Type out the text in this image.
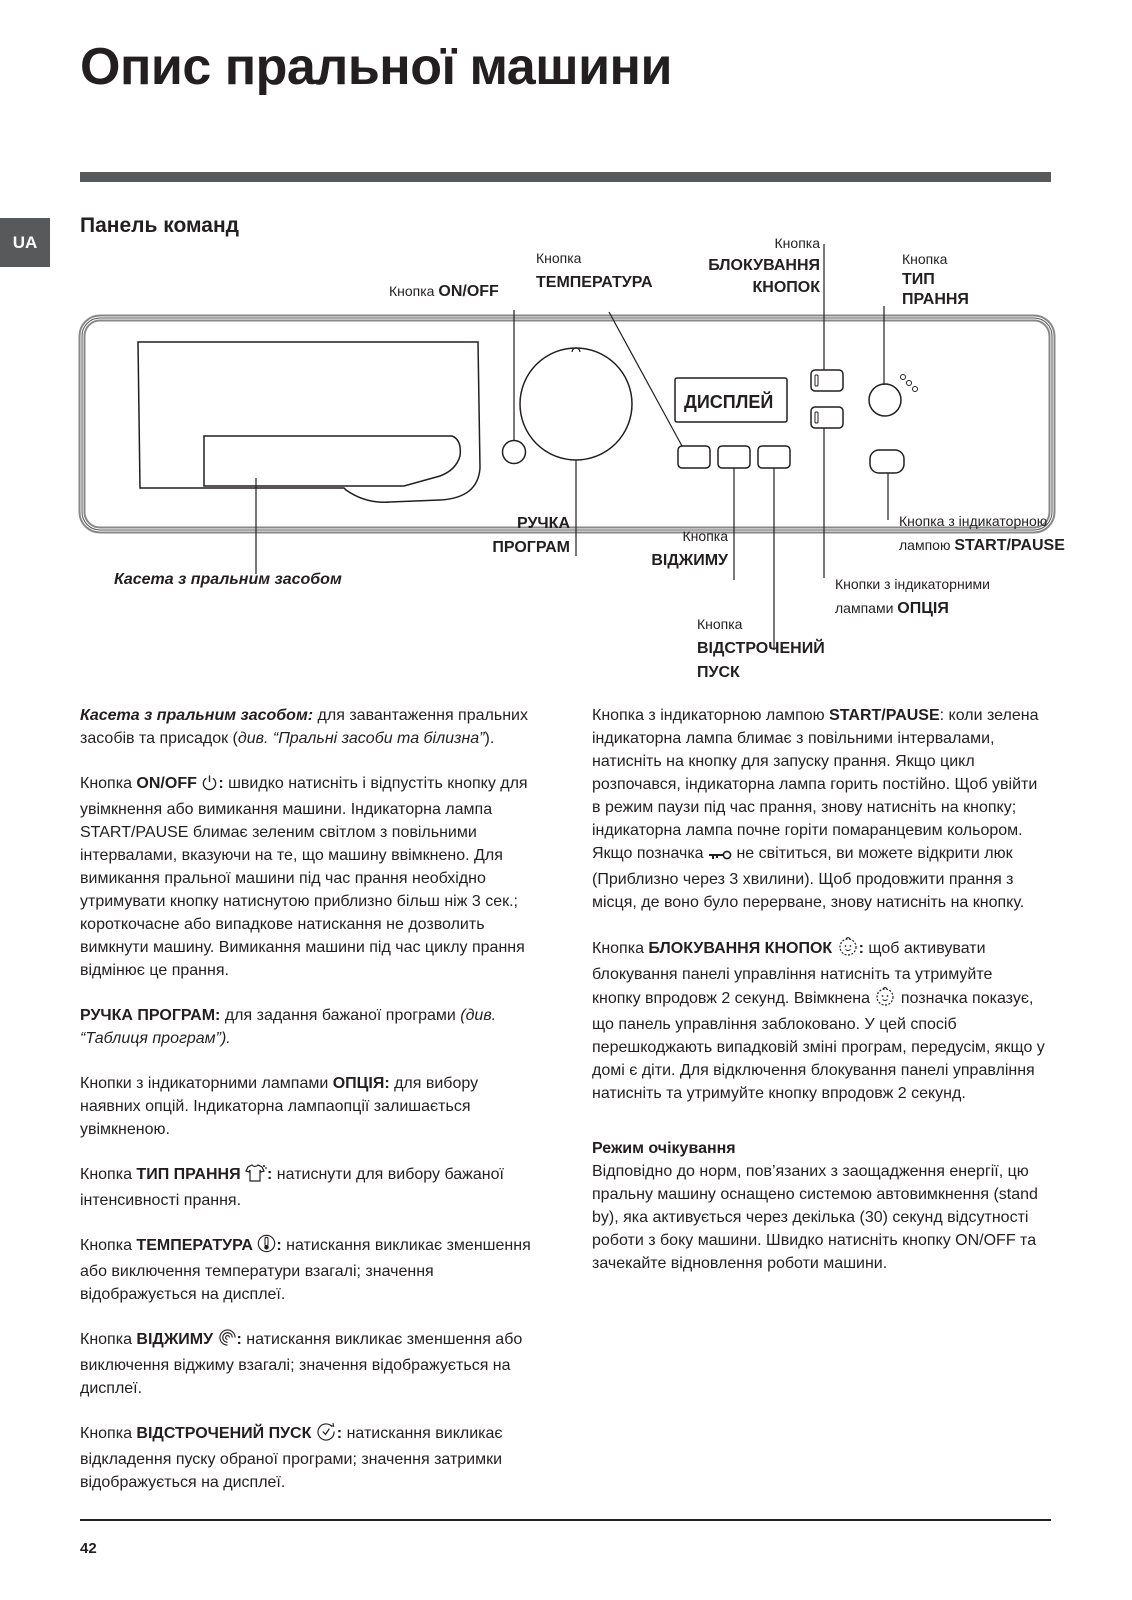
Опис пральної машини
UA
Панель команд
ДИСПЛЕЙ
Кнопка ON/OFF
Кнопка
ТЕМПЕРАТУРА
Кнопка
БЛОКУВАННЯ
КНОПОК
Кнопка
ТИП
ПРАННЯ
РУЧКА
ПРОГРАМ
Кнопка
ВІДЖИМУ
Кнопка з індикаторною
лампою START/PAUSE
Кнопки з індикаторними
лампами ОПЦІЯ
Кнопка
ВІДСТРОЧЕНИЙ
ПУСК
Касета з пральним засобом

Касета з пральним засобом: для завантаження пральних засобів та присадок (див. “Пральні засоби та білизна”).

Кнопка ON/OFF : швидко натисніть і відпустіть кнопку для увімкнення або вимикання машини. Індикаторна лампа START/PAUSE блимає зеленим світлом з повільними інтервалами, вказуючи на те, що машину ввімкнено. Для вимикання пральної машини під час прання необхідно утримувати кнопку натиснутою приблизно більш ніж 3 сек.; короткочасне або випадкове натискання не дозволить вимкнути машину. Вимикання машини під час циклу прання відмінює це прання.

РУЧКА ПРОГРАМ: для задання бажаної програми (див. “Таблиця програм”).

Кнопки з індикаторними лампами ОПЦІЯ: для вибору наявних опцій. Індикаторна лампаопції залишається увімкненою.

Кнопка ТИП ПРАННЯ : натиснути для вибору бажаної інтенсивності прання.

Кнопка ТЕМПЕРАТУРА : натискання викликає зменшення або виключення температури взагалі; значення відображується на дисплеї.

Кнопка ВІДЖИМУ : натискання викликає зменшення або виключення віджиму взагалі; значення відображується на дисплеї.

Кнопка ВІДСТРОЧЕНИЙ ПУСК : натискання викликає відкладення пуску обраної програми; значення затримки відображується на дисплеї.

Кнопка з індикаторною лампою START/PAUSE: коли зелена індикаторна лампа блимає з повільними інтервалами, натисніть на кнопку для запуску прання. Якщо цикл розпочався, індикаторна лампа горить постійно. Щоб увійти в режим паузи під час прання, знову натисніть на кнопку; індикаторна лампа почне горіти помаранцевим кольором. Якщо позначка  не світиться, ви можете відкрити люк (Приблизно через 3 хвилини). Щоб продовжити прання з місця, де воно було перерване, знову натисніть на кнопку.

Кнопка БЛОКУВАННЯ КНОПОК : щоб активувати блокування панелі управління натисніть та утримуйте кнопку впродовж 2 секунд. Ввімкнена  позначка показує, що панель управління заблоковано. У цей спосіб перешкоджають випадковій зміні програм, передусім, якщо у домі є діти. Для відключення блокування панелі управління натисніть та утримуйте кнопку впродовж 2 секунд.

Режим очікування

Відповідно до норм, пов’язаних з заощадження енергії, цю пральну машину оснащено системою автовимкнення (stand by), яка активується через декілька (30) секунд відсутності роботи з боку машини. Швидко натисніть кнопку ON/OFF та зачекайте відновлення роботи машини.

42
